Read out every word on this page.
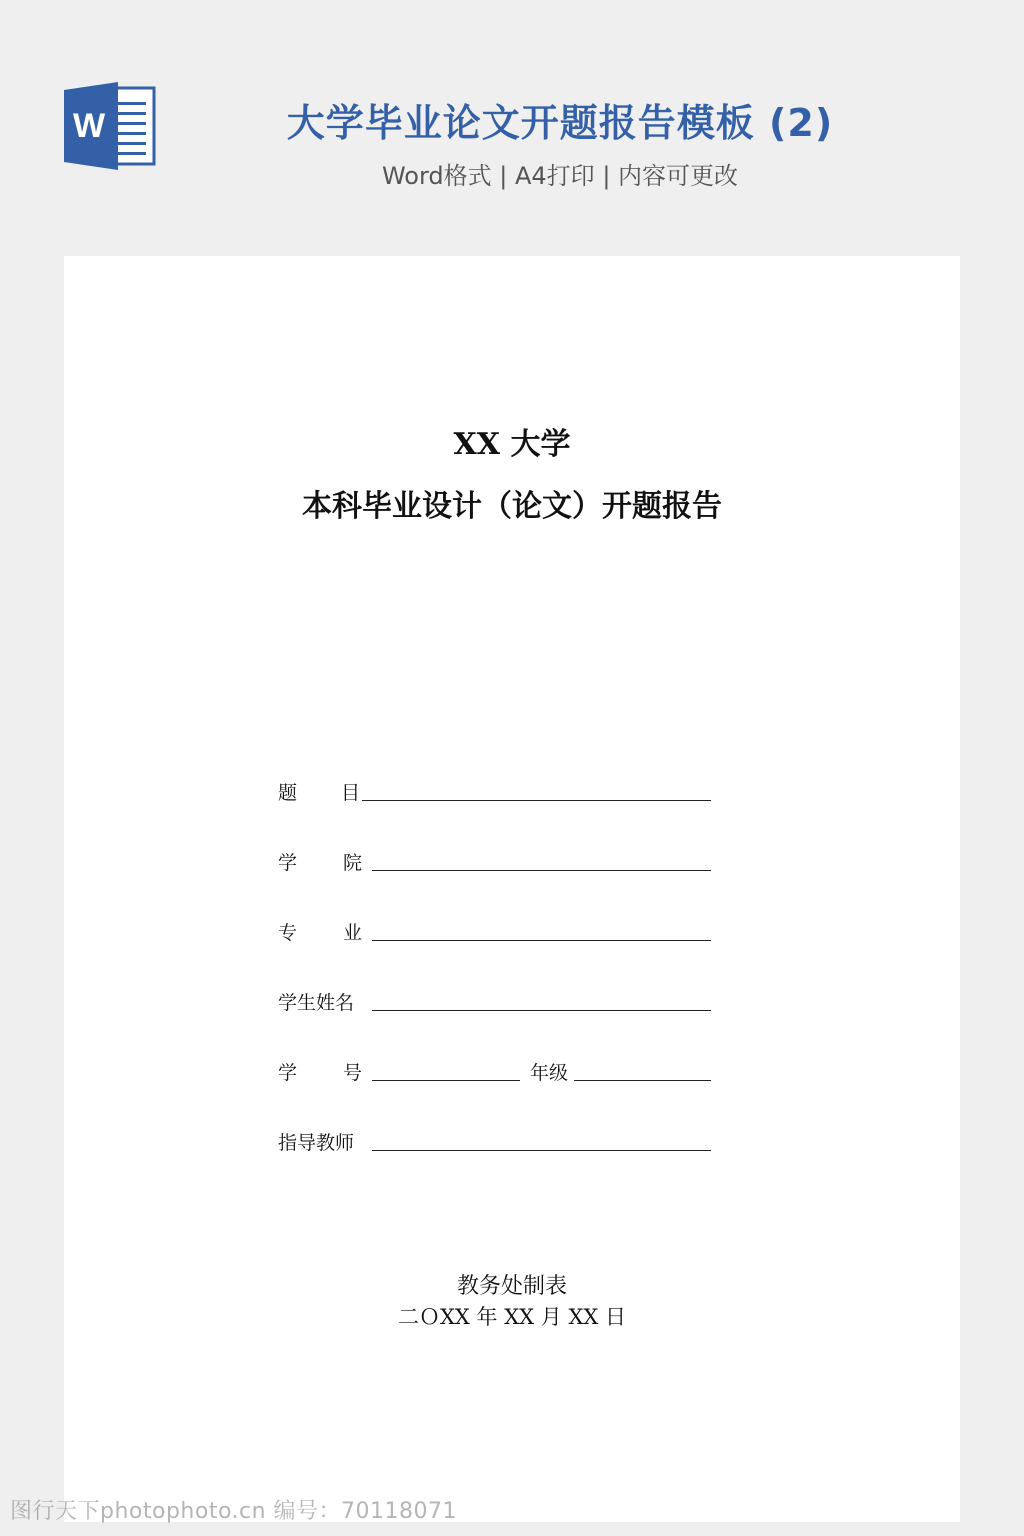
W	大学毕业论文开题报告模板 (2)
Word格式 | A4打印 | 内容可更改
XX 大学
本科毕业设计（论文）开题报告
题 目
学 院
专 业
学生姓名
学 号	年级
指导教师
教务处制表
二ＯXX 年 XX 月 XX 日
图行天下photophoto.cn 编号：70118071
